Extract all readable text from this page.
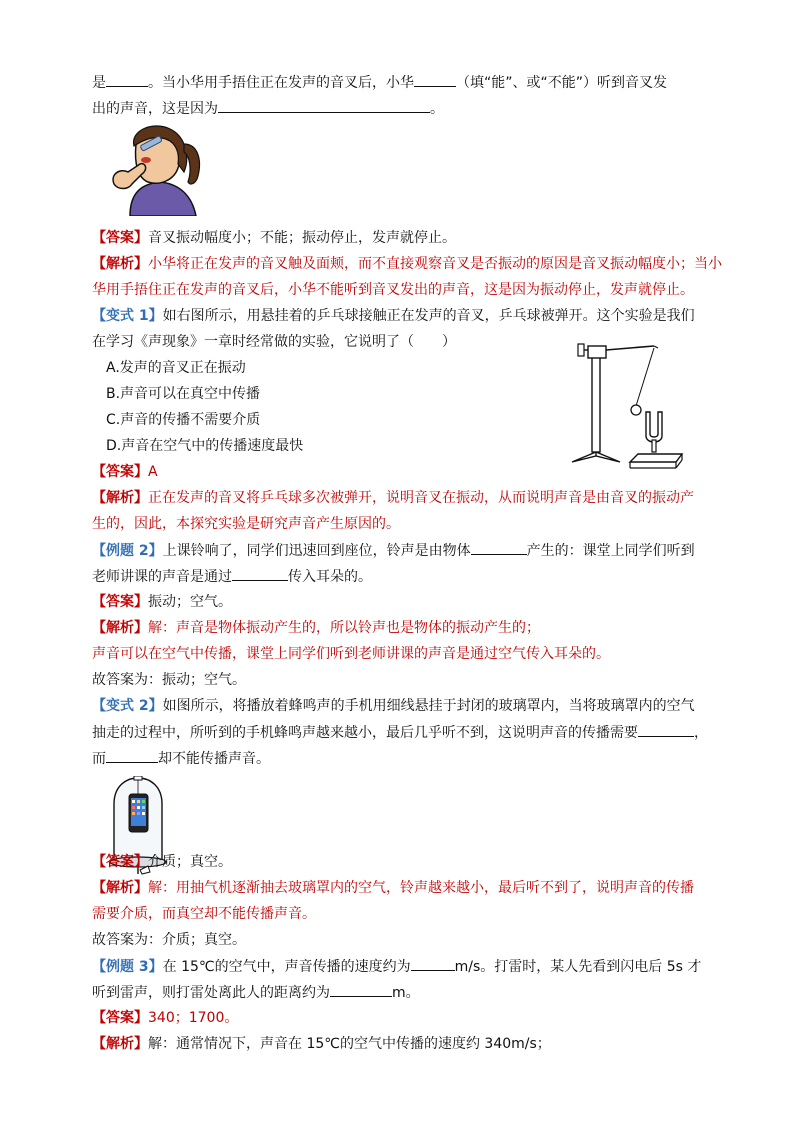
是	。当小华用手捂住正在发声的音叉后，小华	（填“能”、或“不能”）听到音叉发
出的声音，这是因为	。
【答案】音叉振动幅度小；不能；振动停止，发声就停止。
【解析】小华将正在发声的音叉触及面颊，而不直接观察音叉是否振动的原因是音叉振动幅度小；当小
华用手捂住正在发声的音叉后，小华不能听到音叉发出的声音，这是因为振动停止，发声就停止。
【变式 1】如右图所示，用悬挂着的乒乓球接触正在发声的音叉，乒乓球被弹开。这个实验是我们
在学习《声现象》一章时经常做的实验，它说明了（　　）
A.发声的音叉正在振动
B.声音可以在真空中传播
C.声音的传播不需要介质
D.声音在空气中的传播速度最快
【答案】A
【解析】正在发声的音叉将乒乓球多次被弹开，说明音叉在振动，从而说明声音是由音叉的振动产
生的，因此，本探究实验是研究声音产生原因的。
【例题 2】上课铃响了，同学们迅速回到座位，铃声是由物体	产生的：课堂上同学们听到
老师讲课的声音是通过	传入耳朵的。
【答案】振动；空气。
【解析】解：声音是物体振动产生的，所以铃声也是物体的振动产生的；
声音可以在空气中传播，课堂上同学们听到老师讲课的声音是通过空气传入耳朵的。
故答案为：振动；空气。
【变式 2】如图所示，将播放着蜂鸣声的手机用细线悬挂于封闭的玻璃罩内，当将玻璃罩内的空气
抽走的过程中，所听到的手机蜂鸣声越来越小，最后几乎听不到，这说明声音的传播需要	，
而	却不能传播声音。
【答案】介质；真空。
【解析】解：用抽气机逐渐抽去玻璃罩内的空气，铃声越来越小，最后听不到了，说明声音的传播
需要介质，而真空却不能传播声音。
故答案为：介质；真空。
【例题 3】在 15℃的空气中，声音传播的速度约为	m/s。打雷时，某人先看到闪电后 5s 才
听到雷声，则打雷处离此人的距离约为	m。
【答案】340；1700。
【解析】解：通常情况下，声音在 15℃的空气中传播的速度约 340m/s；
